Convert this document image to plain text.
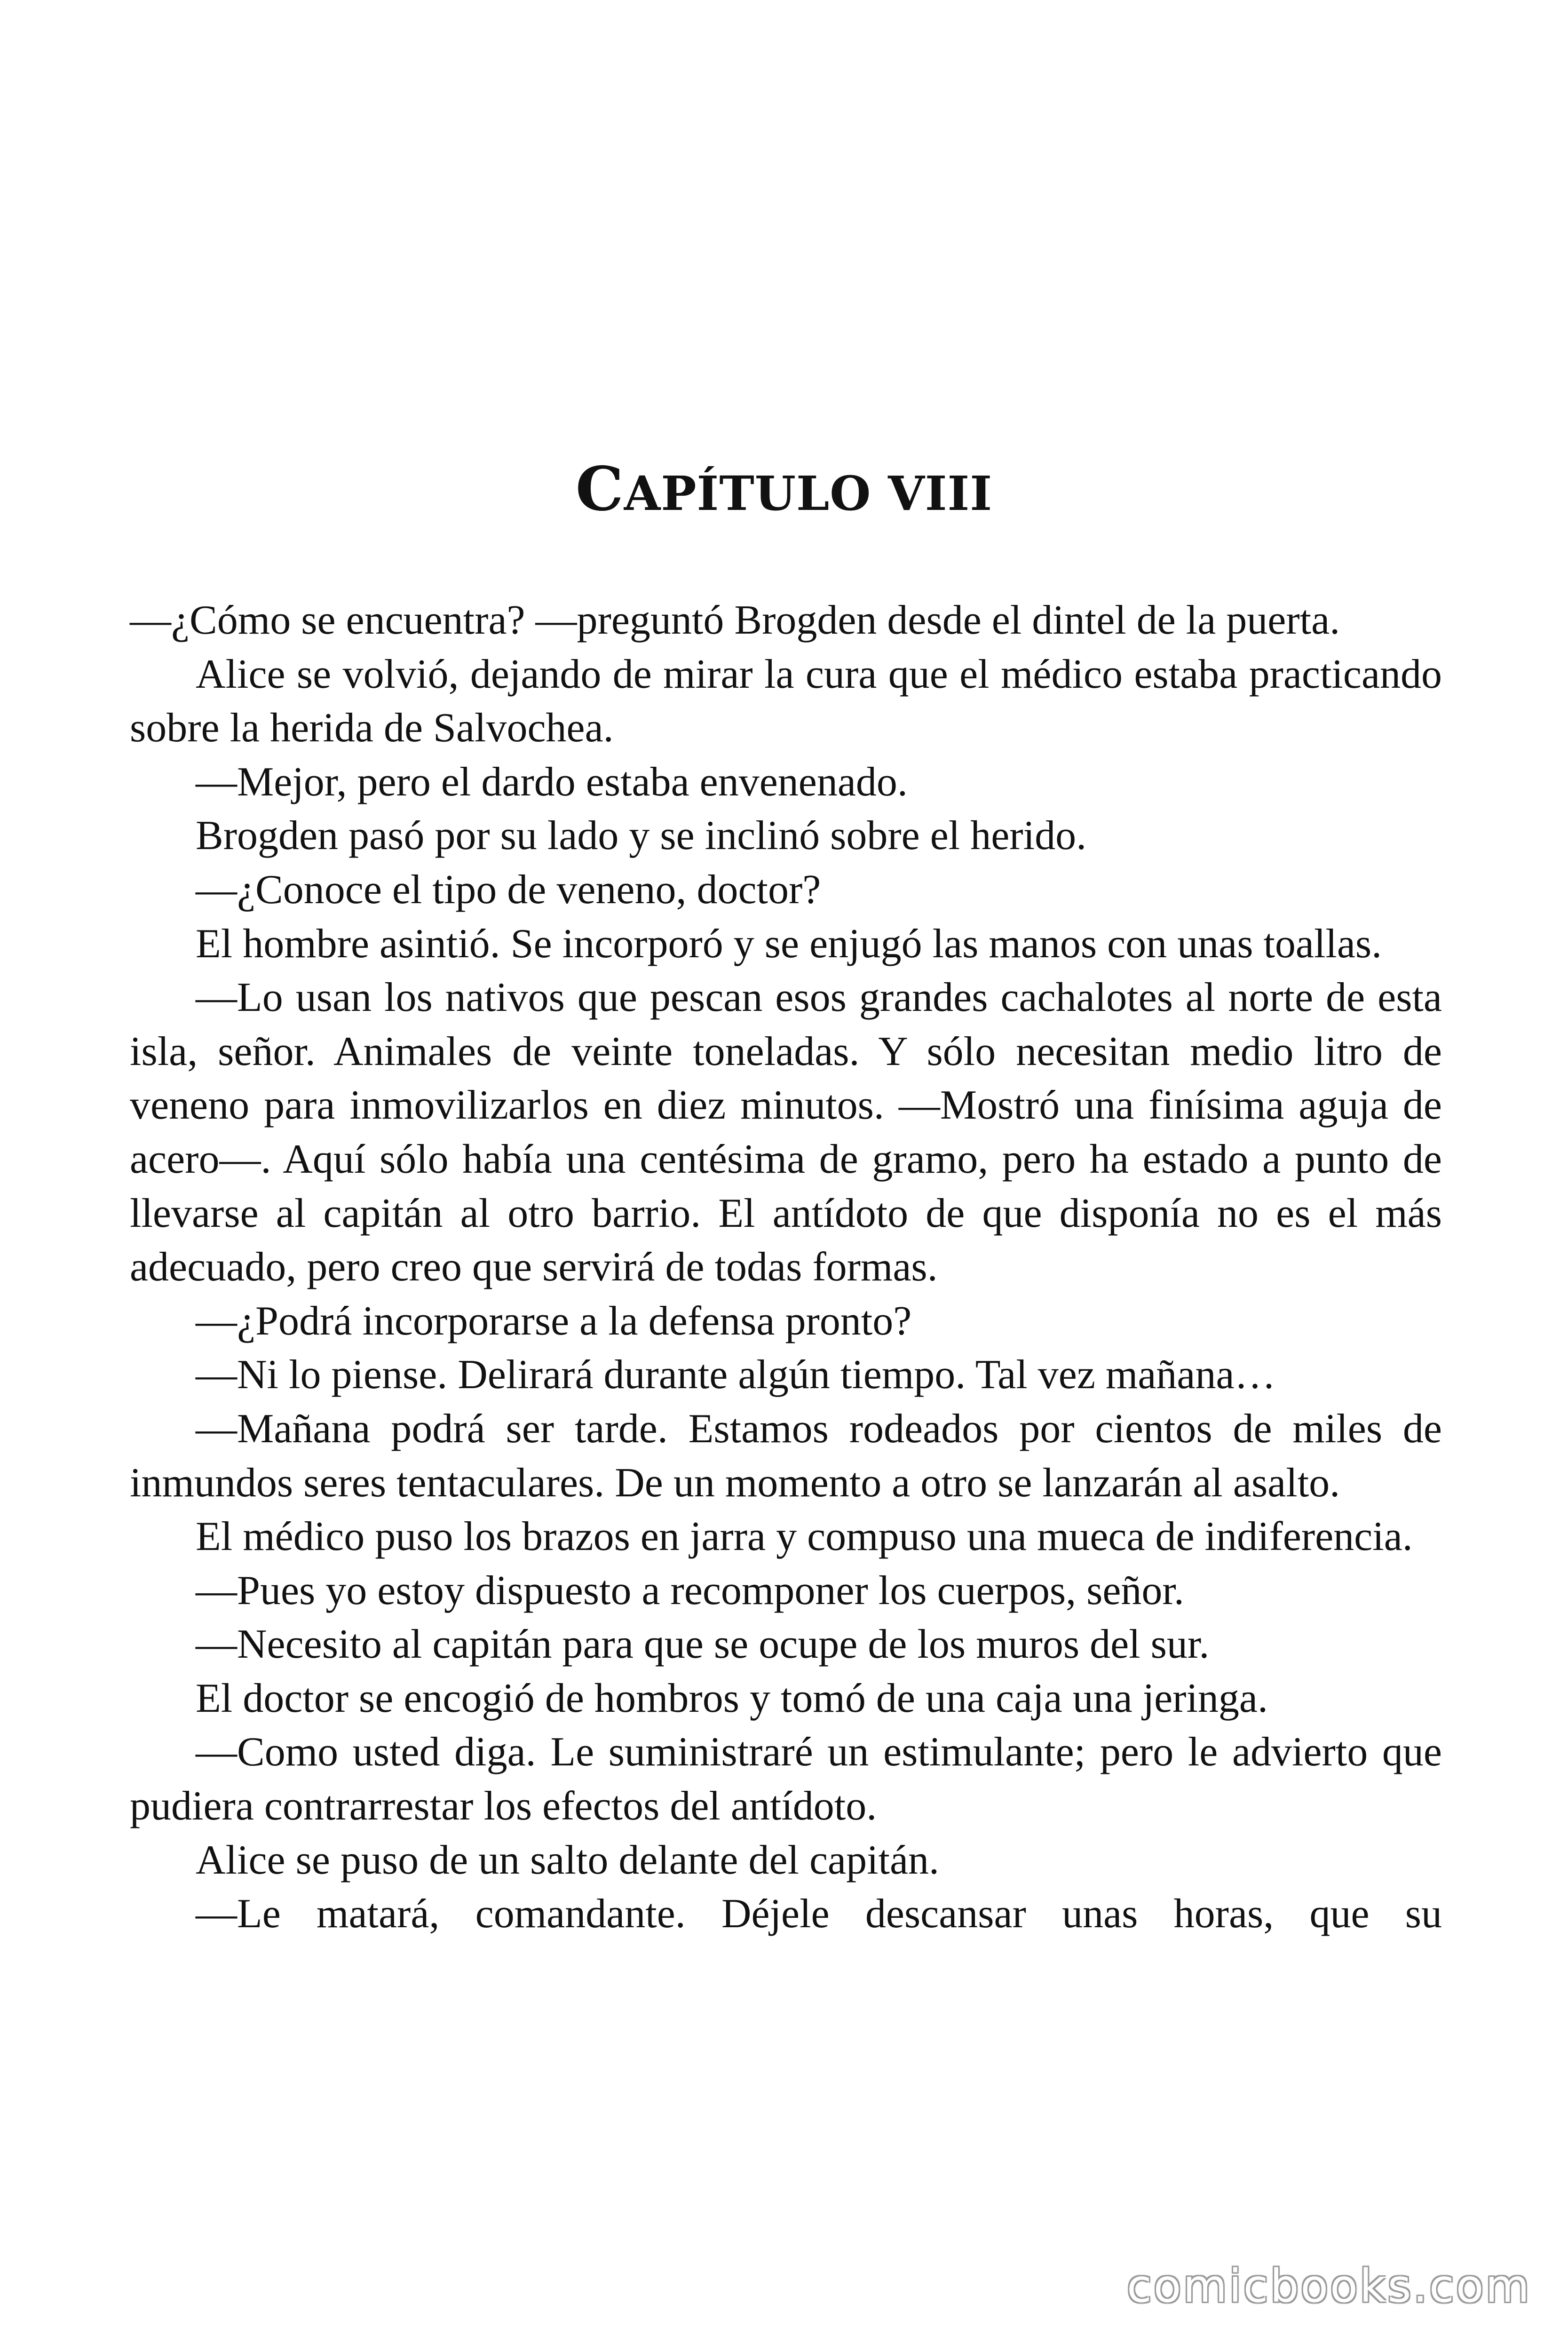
CAPÍTULO VIII

—¿Cómo se encuentra? —preguntó Brogden desde el dintel de la puerta.

Alice se volvió, dejando de mirar la cura que el médico estaba practicando sobre la herida de Salvochea.

—Mejor, pero el dardo estaba envenenado.

Brogden pasó por su lado y se inclinó sobre el herido.

—¿Conoce el tipo de veneno, doctor?

El hombre asintió. Se incorporó y se enjugó las manos con unas toallas.

—Lo usan los nativos que pescan esos grandes cachalotes al norte de esta isla, señor. Animales de veinte toneladas. Y sólo necesitan medio litro de veneno para inmovilizarlos en diez minutos. —Mostró una finísima aguja de acero—. Aquí sólo había una centésima de gramo, pero ha estado a punto de llevarse al capitán al otro barrio. El antídoto de que disponía no es el más adecuado, pero creo que servirá de todas formas.

—¿Podrá incorporarse a la defensa pronto?

—Ni lo piense. Delirará durante algún tiempo. Tal vez mañana…

—Mañana podrá ser tarde. Estamos rodeados por cientos de miles de inmundos seres tentaculares. De un momento a otro se lanzarán al asalto.

El médico puso los brazos en jarra y compuso una mueca de indiferencia.

—Pues yo estoy dispuesto a recomponer los cuerpos, señor.

—Necesito al capitán para que se ocupe de los muros del sur.

El doctor se encogió de hombros y tomó de una caja una jeringa.

—Como usted diga. Le suministraré un estimulante; pero le advierto que pudiera contrarrestar los efectos del antídoto.

Alice se puso de un salto delante del capitán.

—Le matará, comandante. Déjele descansar unas horas, que su

comicbooks.com
